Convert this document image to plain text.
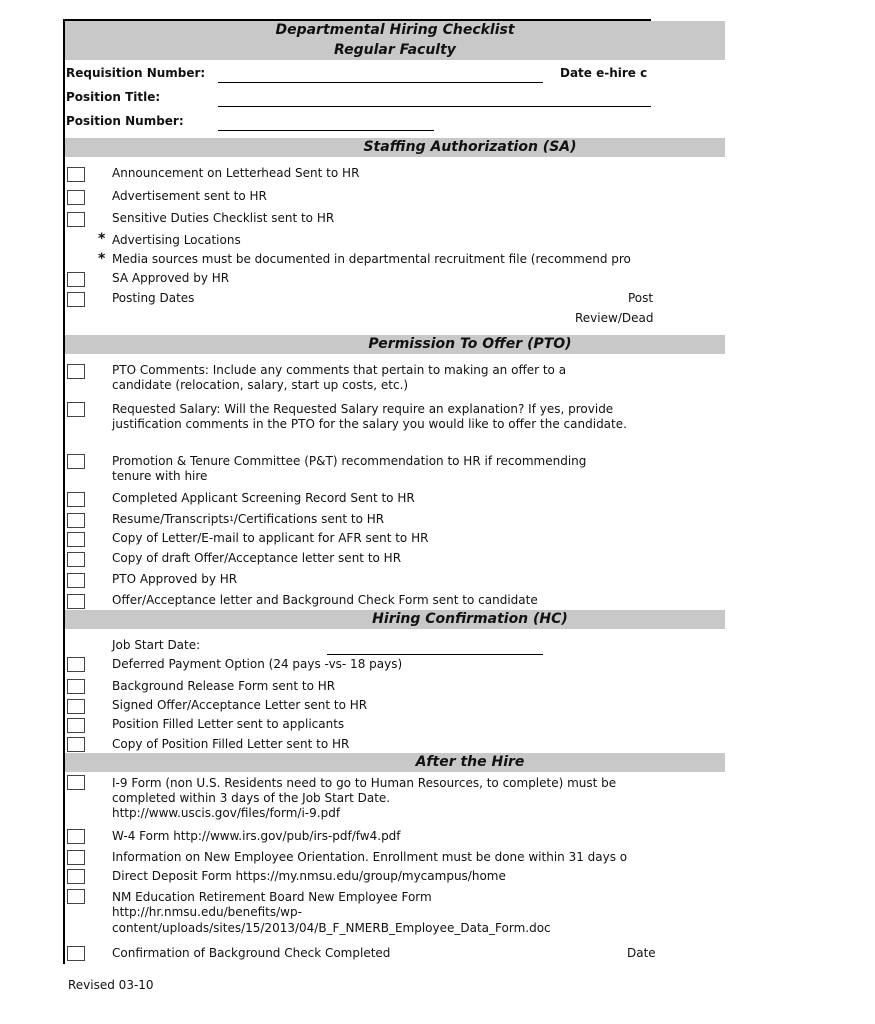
Departmental Hiring Checklist
Regular Faculty
Requisition Number:	Date e-hire c
Position Title:
Position Number:
Staffing Authorization (SA)
Announcement on Letterhead Sent to HR
Advertisement sent to HR
Sensitive Duties Checklist sent to HR
* Advertising Locations
* Media sources must be documented in departmental recruitment file (recommend pro
SA Approved by HR
Posting Dates	Post
Review/Dead
Permission To Offer (PTO)
PTO Comments: Include any comments that pertain to making an offer to a candidate (relocation, salary, start up costs, etc.)
Requested Salary: Will the Requested Salary require an explanation? If yes, provide justification comments in the PTO for the salary you would like to offer the candidate.
Promotion & Tenure Committee (P&T) recommendation to HR if recommending tenure with hire
Completed Applicant Screening Record Sent to HR
Resume/Transcripts$^1$/Certifications sent to HR
Copy of Letter/E-mail to applicant for AFR sent to HR
Copy of draft Offer/Acceptance letter sent to HR
PTO Approved by HR
Offer/Acceptance letter and Background Check Form sent to candidate
Hiring Confirmation (HC)
Job Start Date:
Deferred Payment Option (24 pays -vs- 18 pays)
Background Release Form sent to HR
Signed Offer/Acceptance Letter sent to HR
Position Filled Letter sent to applicants
Copy of Position Filled Letter sent to HR
After the Hire
I-9 Form (non U.S. Residents need to go to Human Resources, to complete) must be completed within 3 days of the Job Start Date.
http://www.uscis.gov/files/form/i-9.pdf
W-4 Form http://www.irs.gov/pub/irs-pdf/fw4.pdf
Information on New Employee Orientation. Enrollment must be done within 31 days o
Direct Deposit Form https://my.nmsu.edu/group/mycampus/home
NM Education Retirement Board New Employee Form
http://hr.nmsu.edu/benefits/wp-
content/uploads/sites/15/2013/04/B_F_NMERB_Employee_Data_Form.doc
Confirmation of Background Check Completed	Date
Revised 03-10
